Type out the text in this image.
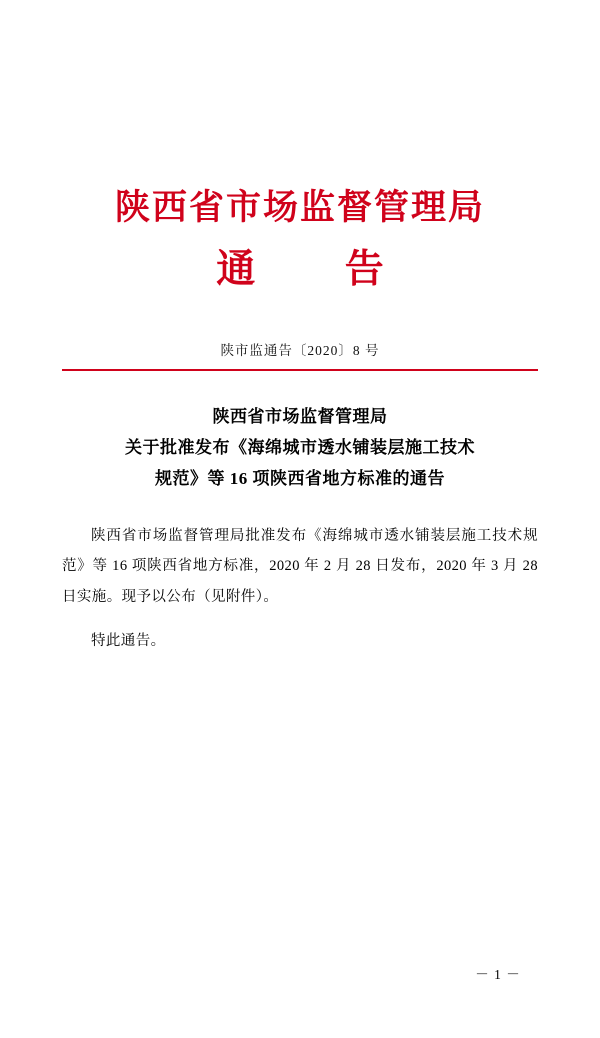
陕西省市场监督管理局
通 告
陕市监通告〔2020〕8 号
陕西省市场监督管理局
关于批准发布《海绵城市透水铺装层施工技术
规范》等 16 项陕西省地方标准的通告
陕西省市场监督管理局批准发布《海绵城市透水铺装层施工技术规范》等 16 项陕西省地方标准，2020 年 2 月 28 日发布，2020 年 3 月 28 日实施。现予以公布（见附件）。
特此通告。
－ 1 －
